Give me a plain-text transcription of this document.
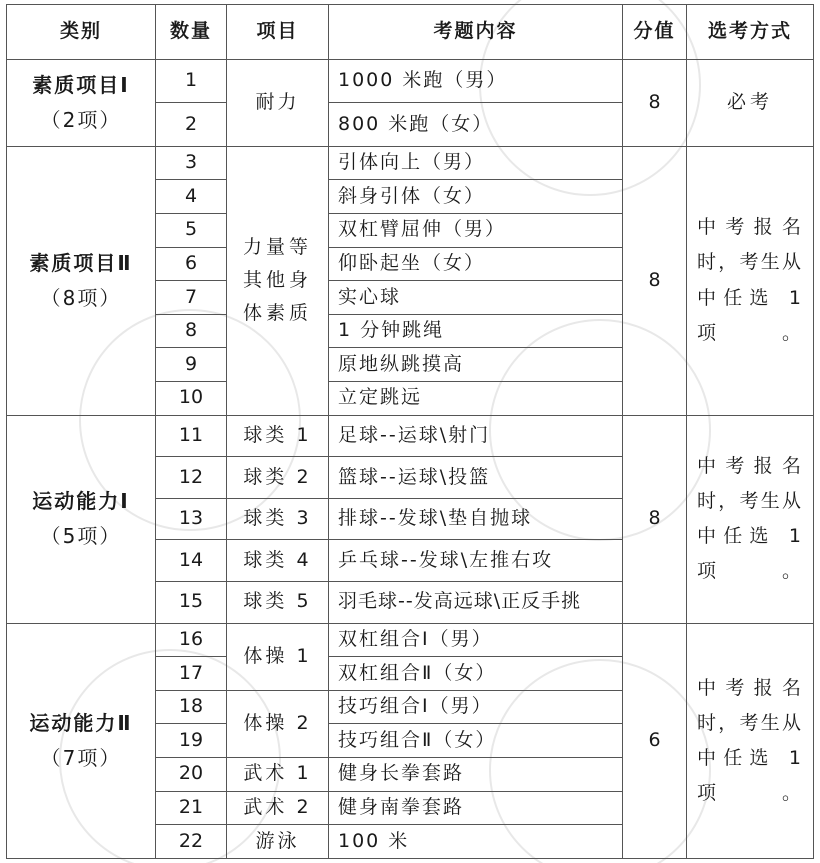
类别	数量	项目	考题内容	分值	选考方式

素质项目Ⅰ
（2项）	1	耐力	1000 米跑（男）	8	必考
	2		800 米跑（女）		

素质项目Ⅱ
（8项）	3	力量等其他身体素质	引体向上（男）	8	中考报名时，考生从中任选 1 项。
	4		斜身引体（女）		
	5		双杠臂屈伸（男）		
	6		仰卧起坐（女）		
	7		实心球		
	8		1 分钟跳绳		
	9		原地纵跳摸高		
	10		立定跳远		

运动能力Ⅰ
（5项）	11	球类 1	足球--运球\射门	8	中考报名时，考生从中任选 1 项。
	12	球类 2	篮球--运球\投篮		
	13	球类 3	排球--发球\垫自抛球		
	14	球类 4	乒乓球--发球\左推右攻		
	15	球类 5	羽毛球--发高远球\正反手挑		

运动能力Ⅱ
（7项）	16	体操 1	双杠组合Ⅰ（男）	6	中考报名时，考生从中任选 1 项。
	17		双杠组合Ⅱ（女）		
	18	体操 2	技巧组合Ⅰ（男）		
	19		技巧组合Ⅱ（女）		
	20	武术 1	健身长拳套路		
	21	武术 2	健身南拳套路		
	22	游泳	100 米		
